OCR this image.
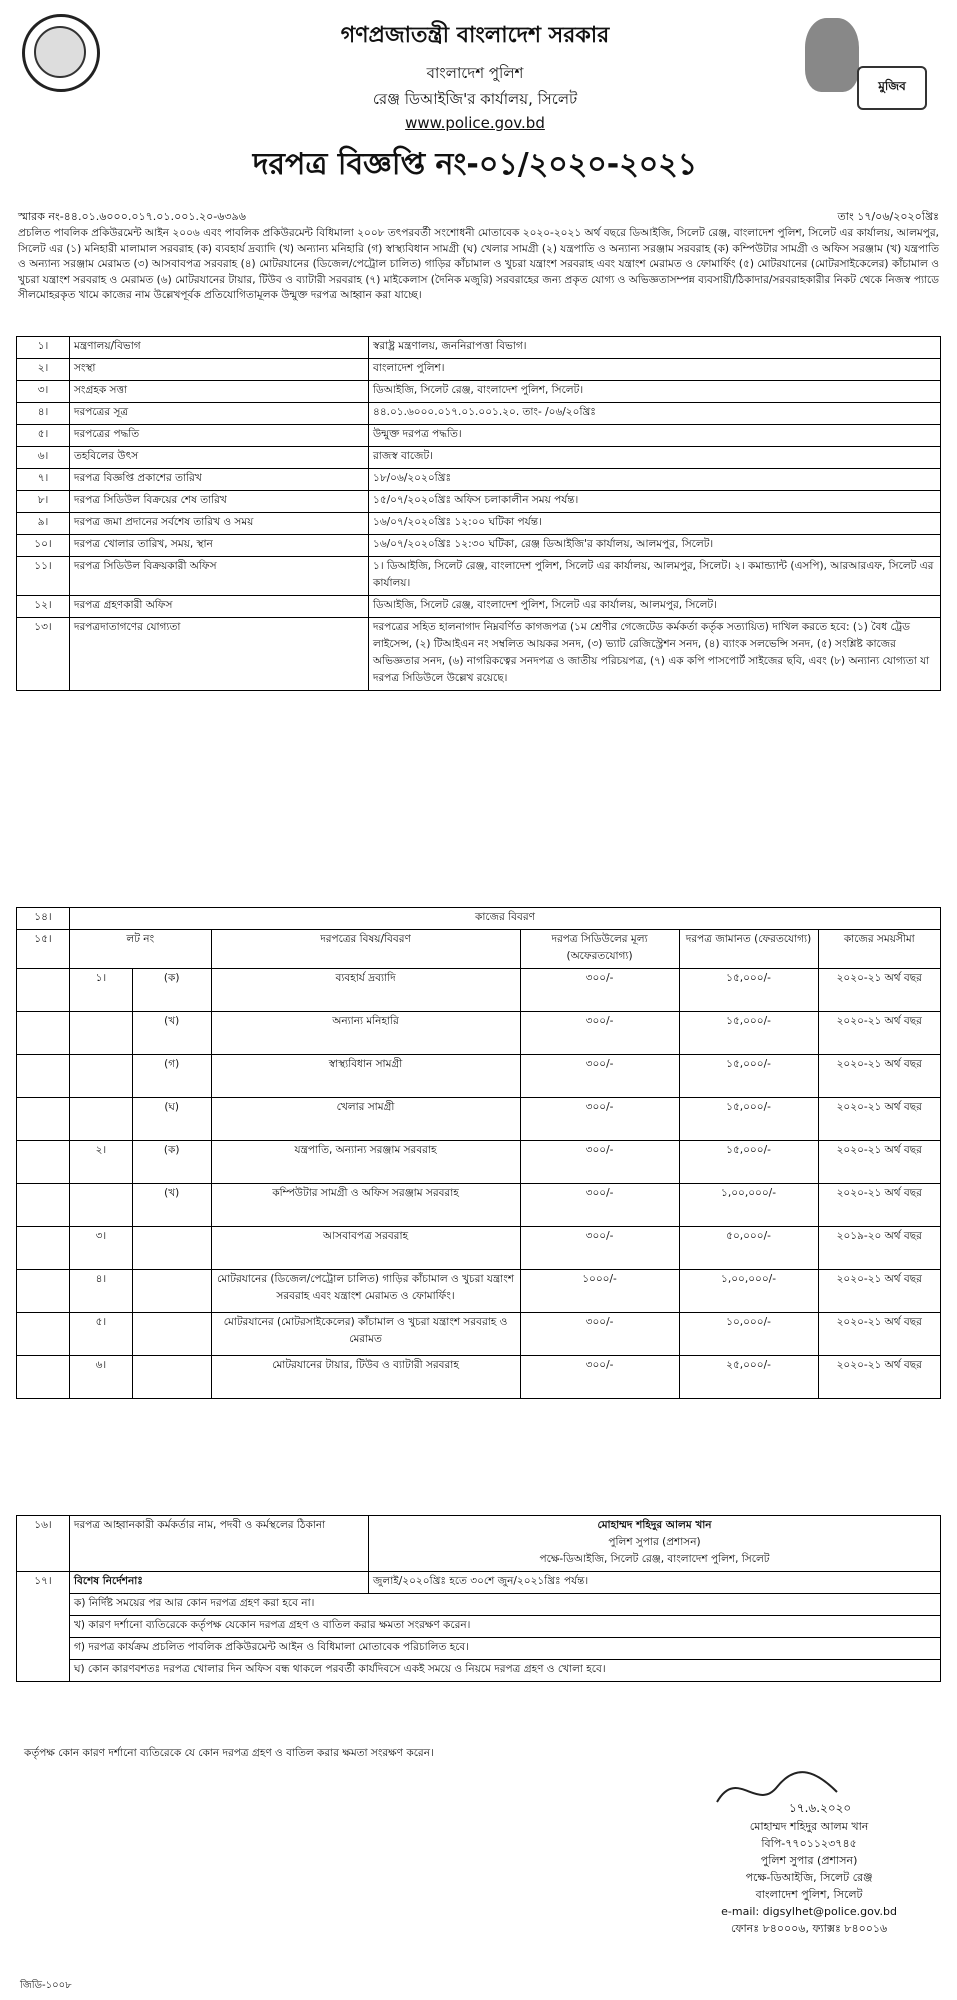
মুজিব
গণপ্রজাতন্ত্রী বাংলাদেশ সরকার
বাংলাদেশ পুলিশ
রেঞ্জ ডিআইজি'র কার্যালয়, সিলেট
www.police.gov.bd
দরপত্র বিজ্ঞপ্তি নং-০১/২০২০-২০২১
স্মারক নং-৪৪.০১.৬০০০.০১৭.০১.০০১.২০-৬৩৯৬	তাং ১৭/০৬/২০২০খ্রিঃ
প্রচলিত পাবলিক প্রকিউরমেন্ট আইন ২০০৬ এবং পাবলিক প্রকিউরমেন্ট বিধিমালা ২০০৮ তৎপরবর্তী সংশোধনী মোতাবেক ২০২০-২০২১ অর্থ বছরে ডিআইজি, সিলেট রেঞ্জ, বাংলাদেশ পুলিশ, সিলেট এর কার্যালয়, আলমপুর, সিলেট এর (১) মনিহারী মালামাল সরবরাহ (ক) ব্যবহার্য দ্রব্যাদি (খ) অন্যান্য মনিহারি (গ) স্বাস্থ্যবিধান সামগ্রী (ঘ) খেলার সামগ্রী (২) যন্ত্রপাতি ও অন্যান্য সরঞ্জাম সরবরাহ (ক) কম্পিউটার সামগ্রী ও অফিস সরঞ্জাম (খ) যন্ত্রপাতি ও অন্যান্য সরঞ্জাম মেরামত (৩) আসবাবপত্র সরবরাহ (৪) মোটরযানের (ডিজেল/পেট্রোল চালিত) গাড়ির কাঁচামাল ও খুচরা যন্ত্রাংশ সরবরাহ এবং যন্ত্রাংশ মেরামত ও ফোমার্ফিং (৫) মোটরযানের (মোটরসাইকেলের) কাঁচামাল ও খুচরা যন্ত্রাংশ সরবরাহ ও মেরামত (৬) মোটরযানের টায়ার, টিউব ও ব্যাটারী সরবরাহ (৭) মাইকেলাস (দৈনিক মজুরি) সরবরাহের জন্য প্রকৃত যোগ্য ও অভিজ্ঞতাসম্পন্ন ব্যবসায়ী/ঠিকাদার/সরবরাহকারীর নিকট থেকে নিজস্ব প্যাডে সীলমোহরকৃত খামে কাজের নাম উল্লেখপূর্বক প্রতিযোগিতামূলক উন্মুক্ত দরপত্র আহ্বান করা যাচ্ছে।
১।	মন্ত্রণালয়/বিভাগ	স্বরাষ্ট্র মন্ত্রণালয়, জননিরাপত্তা বিভাগ।
২।	সংস্থা	বাংলাদেশ পুলিশ।
৩।	সংগ্রহক সত্তা	ডিআইজি, সিলেট রেঞ্জ, বাংলাদেশ পুলিশ, সিলেট।
৪।	দরপত্রের সূত্র	৪৪.০১.৬০০০.০১৭.০১.০০১.২০. তাং- /০৬/২০খ্রিঃ
৫।	দরপত্রের পদ্ধতি	উন্মুক্ত দরপত্র পদ্ধতি।
৬।	তহবিলের উৎস	রাজস্ব বাজেট।
৭।	দরপত্র বিজ্ঞপ্তি প্রকাশের তারিখ	১৮/০৬/২০২০খ্রিঃ
৮।	দরপত্র সিডিউল বিক্রয়ের শেষ তারিখ	১৫/০৭/২০২০খ্রিঃ অফিস চলাকালীন সময় পর্যন্ত।
৯।	দরপত্র জমা প্রদানের সর্বশেষ তারিখ ও সময়	১৬/০৭/২০২০খ্রিঃ ১২:০০ ঘটিকা পর্যন্ত।
১০।	দরপত্র খোলার তারিখ, সময়, স্থান	১৬/০৭/২০২০খ্রিঃ ১২:৩০ ঘটিকা, রেঞ্জ ডিআইজি'র কার্যালয়, আলমপুর, সিলেট।
১১।	দরপত্র সিডিউল বিক্রয়কারী অফিস	১। ডিআইজি, সিলেট রেঞ্জ, বাংলাদেশ পুলিশ, সিলেট এর কার্যালয়, আলমপুর, সিলেট। ২। কমান্ড্যান্ট (এসপি), আরআরএফ, সিলেট এর কার্যালয়।
১২।	দরপত্র গ্রহণকারী অফিস	ডিআইজি, সিলেট রেঞ্জ, বাংলাদেশ পুলিশ, সিলেট এর কার্যালয়, আলমপুর, সিলেট।
১৩।	দরপত্রদাতাগণের যোগ্যতা	দরপত্রের সহিত হালনাগাদ নিম্নবর্ণিত কাগজপত্র (১ম শ্রেণীর গেজেটেড কর্মকর্তা কর্তৃক সত্যায়িত) দাখিল করতে হবে: (১) বৈধ ট্রেড লাইসেন্স, (২) টিআইএন নং সম্বলিত আয়কর সনদ, (৩) ভ্যাট রেজিস্ট্রেশন সনদ, (৪) ব্যাংক সলভেন্সি সনদ, (৫) সংশ্লিষ্ট কাজের অভিজ্ঞতার সনদ, (৬) নাগরিকত্বের সনদপত্র ও জাতীয় পরিচয়পত্র, (৭) এক কপি পাসপোর্ট সাইজের ছবি, এবং (৮) অন্যান্য যোগ্যতা যা দরপত্র সিডিউলে উল্লেখ রয়েছে।
১৪।	কাজের বিবরণ					
১৫।	লট নং		দরপত্রের বিষয়/বিবরণ	দরপত্র সিডিউলের মূল্য (অফেরতযোগ্য)	দরপত্র জামানত (ফেরতযোগ্য)	কাজের সময়সীমা
	১।	(ক)	ব্যবহার্য দ্রব্যাদি	৩০০/-	১৫,০০০/-	২০২০-২১ অর্থ বছর
		(খ)	অন্যান্য মনিহারি	৩০০/-	১৫,০০০/-	২০২০-২১ অর্থ বছর
		(গ)	স্বাস্থ্যবিধান সামগ্রী	৩০০/-	১৫,০০০/-	২০২০-২১ অর্থ বছর
		(ঘ)	খেলার সামগ্রী	৩০০/-	১৫,০০০/-	২০২০-২১ অর্থ বছর
	২।	(ক)	যন্ত্রপাতি, অন্যান্য সরঞ্জাম সরবরাহ	৩০০/-	১৫,০০০/-	২০২০-২১ অর্থ বছর
		(খ)	কম্পিউটার সামগ্রী ও অফিস সরঞ্জাম সরবরাহ	৩০০/-	১,০০,০০০/-	২০২০-২১ অর্থ বছর
	৩।		আসবাবপত্র সরবরাহ	৩০০/-	৫০,০০০/-	২০১৯-২০ অর্থ বছর
	৪।		মোটরযানের (ডিজেল/পেট্রোল চালিত) গাড়ির কাঁচামাল ও খুচরা যন্ত্রাংশ সরবরাহ এবং যন্ত্রাংশ মেরামত ও ফোমার্ফিং।	১০০০/-	১,০০,০০০/-	২০২০-২১ অর্থ বছর
	৫।		মোটরযানের (মোটরসাইকেলের) কাঁচামাল ও খুচরা যন্ত্রাংশ সরবরাহ ও মেরামত	৩০০/-	১০,০০০/-	২০২০-২১ অর্থ বছর
	৬।		মোটরযানের টায়ার, টিউব ও ব্যাটারী সরবরাহ	৩০০/-	২৫,০০০/-	২০২০-২১ অর্থ বছর
১৬।	দরপত্র আহ্বানকারী কর্মকর্তার নাম, পদবী ও কর্মস্থলের ঠিকানা	মোহাম্মদ শহিদুর আলম খান
পুলিশ সুপার (প্রশাসন)
পক্ষে-ডিআইজি, সিলেট রেঞ্জ, বাংলাদেশ পুলিশ, সিলেট

১৭।	বিশেষ নির্দেশনাঃ	জুলাই/২০২০খ্রিঃ হতে ৩০শে জুন/২০২১খ্রিঃ পর্যন্ত।
	ক) নির্দিষ্ট সময়ের পর আর কোন দরপত্র গ্রহণ করা হবে না।	
	খ) কারণ দর্শানো ব্যতিরেকে কর্তৃপক্ষ যেকোন দরপত্র গ্রহণ ও বাতিল করার ক্ষমতা সংরক্ষণ করেন।	
	গ) দরপত্র কার্যক্রম প্রচলিত পাবলিক প্রকিউরমেন্ট আইন ও বিধিমালা মোতাবেক পরিচালিত হবে।	
	ঘ) কোন কারণবশতঃ দরপত্র খোলার দিন অফিস বন্ধ থাকলে পরবর্তী কার্যদিবসে একই সময়ে ও নিয়মে দরপত্র গ্রহণ ও খোলা হবে।	
কর্তৃপক্ষ কোন কারণ দর্শানো ব্যতিরেকে যে কোন দরপত্র গ্রহণ ও বাতিল করার ক্ষমতা সংরক্ষণ করেন।
১৭.৬.২০২০
মোহাম্মদ শহিদুর আলম খান
বিপি-৭৭০১১২৩৭৪৫
পুলিশ সুপার (প্রশাসন)
পক্ষে-ডিআইজি, সিলেট রেঞ্জ
বাংলাদেশ পুলিশ, সিলেট
e-mail: digsylhet@police.gov.bd
ফোনঃ ৮৪০০০৬, ফ্যাক্সঃ ৮৪০০১৬
জিডি-১০০৮
